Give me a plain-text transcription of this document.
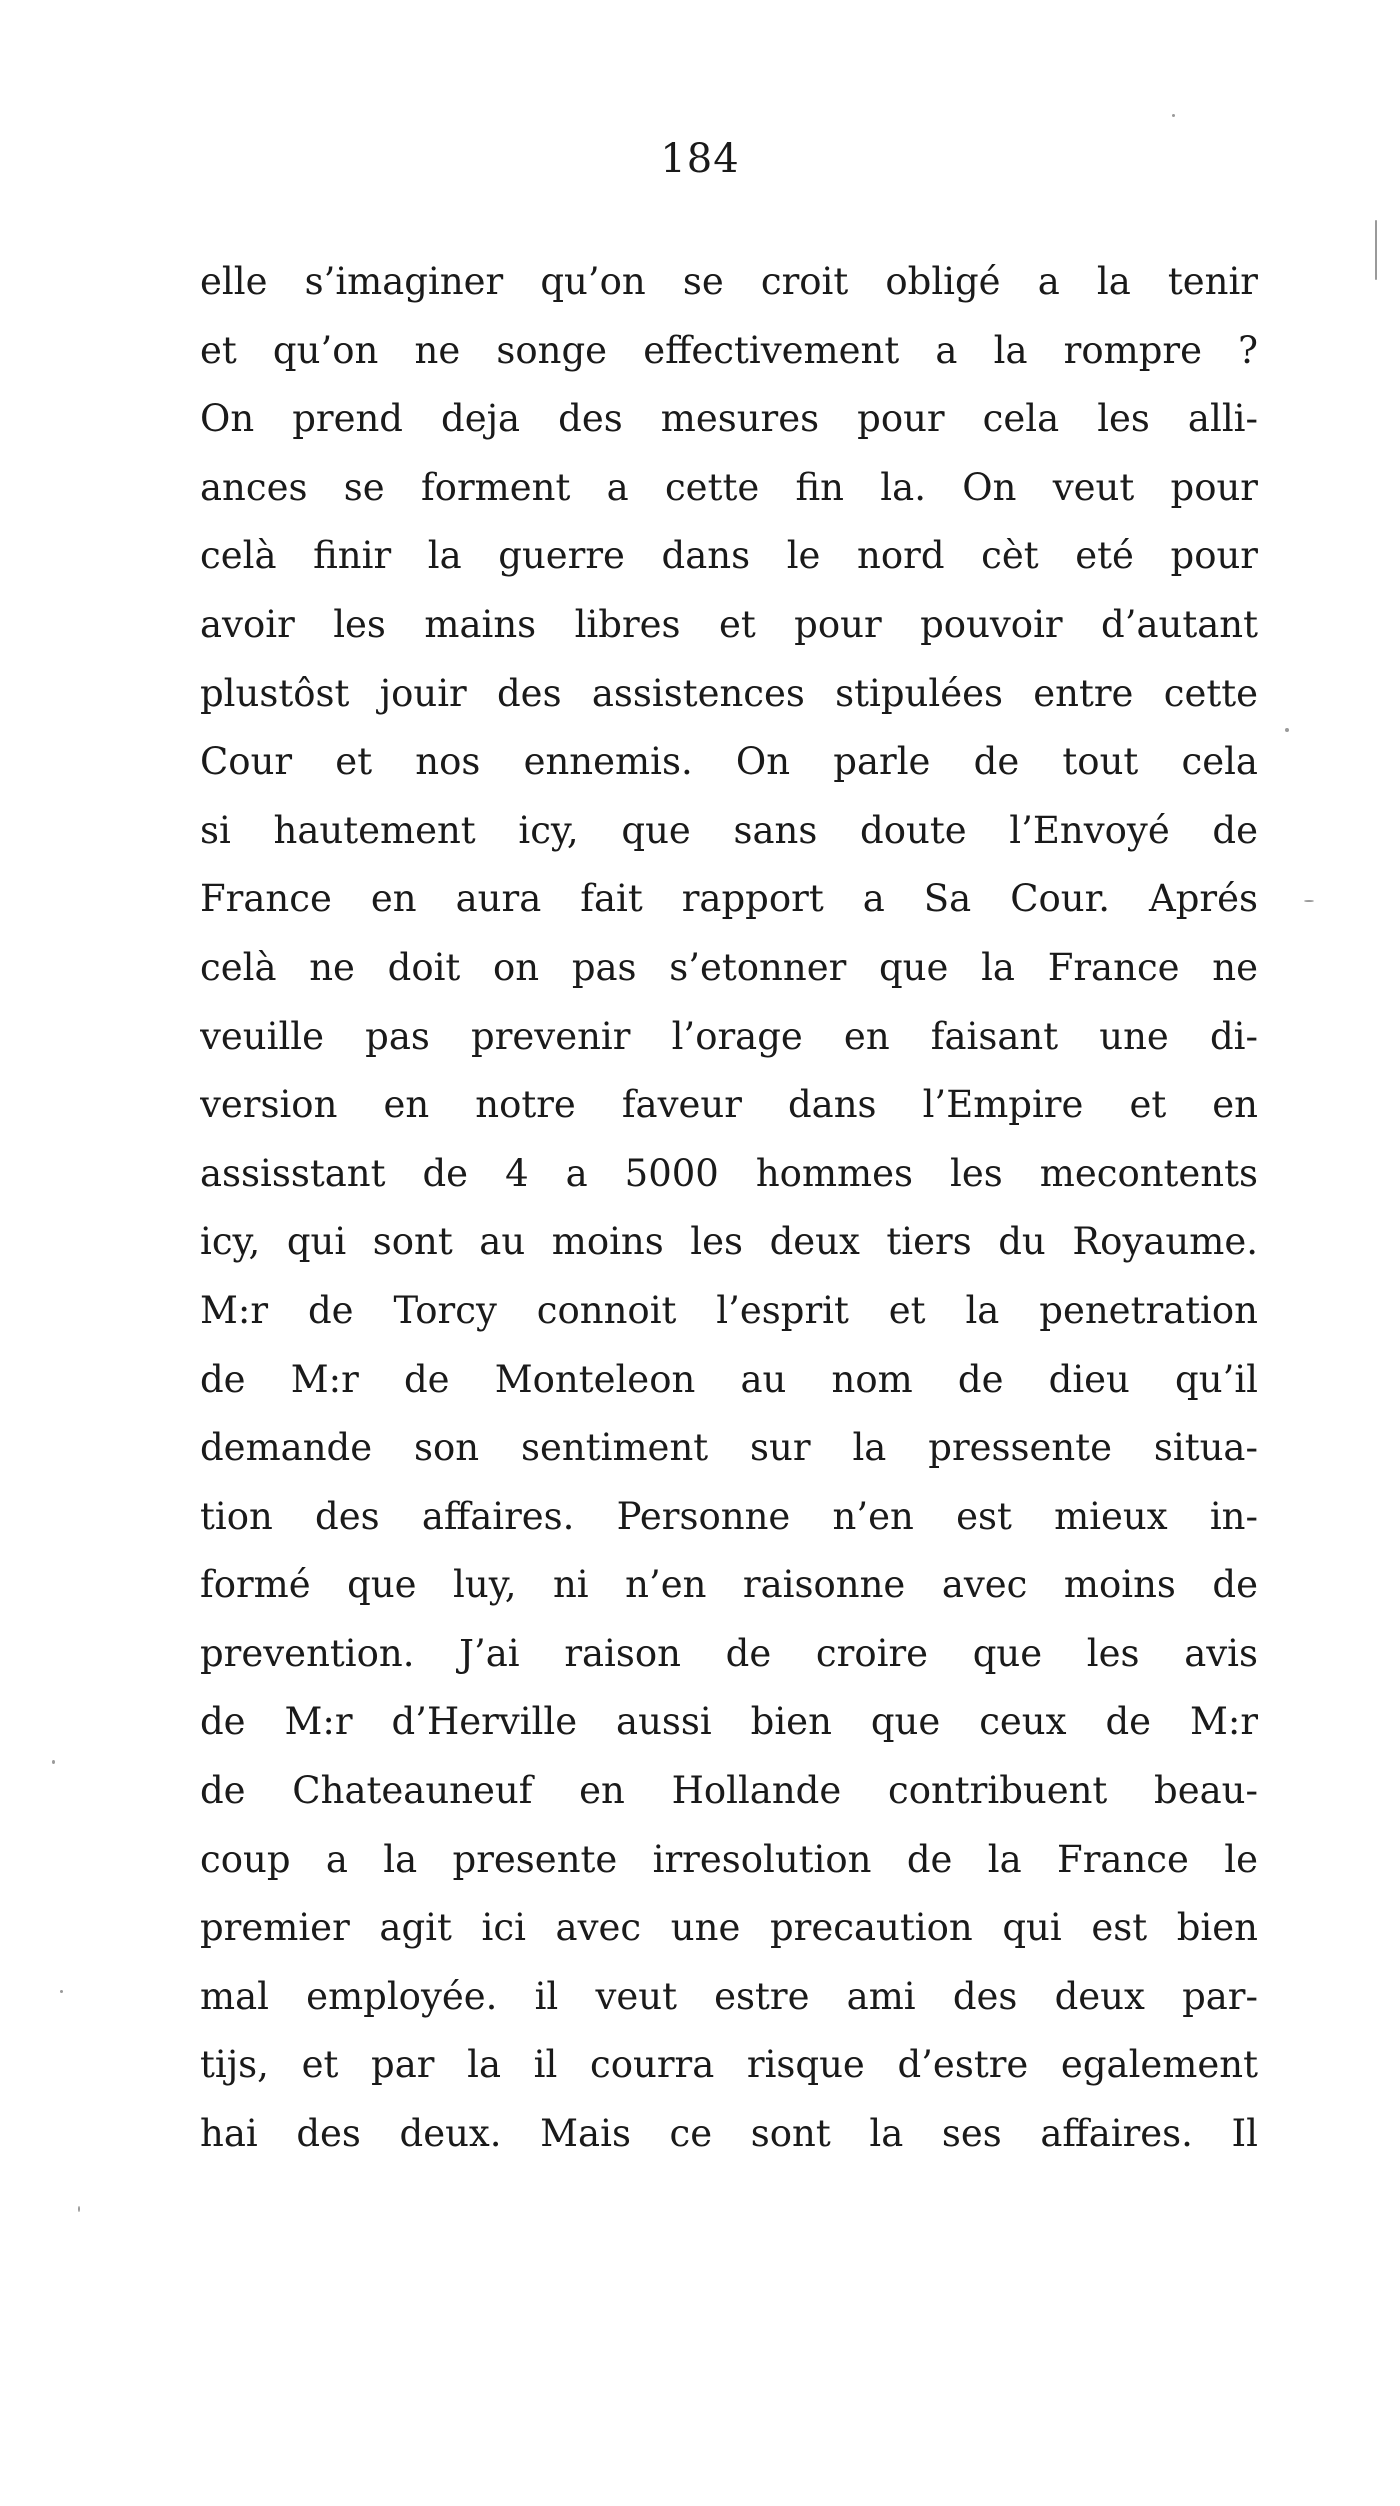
184
elle s’imaginer qu’on se croit obligé a la tenir
et qu’on ne songe effectivement a la rompre ?
On prend deja des mesures pour cela les alli-
ances se forment a cette fin la. On veut pour
celà finir la guerre dans le nord cèt eté pour
avoir les mains libres et pour pouvoir d’autant
plustôst jouir des assistences stipulées entre cette
Cour et nos ennemis. On parle de tout cela
si hautement icy, que sans doute l’Envoyé de
France en aura fait rapport a Sa Cour. Aprés
celà ne doit on pas s’etonner que la France ne
veuille pas prevenir l’orage en faisant une di-
version en notre faveur dans l’Empire et en
assisstant de 4 a 5000 hommes les mecontents
icy, qui sont au moins les deux tiers du Royaume.
M:r de Torcy connoit l’esprit et la penetration
de M:r de Monteleon au nom de dieu qu’il
demande son sentiment sur la pressente situa-
tion des affaires. Personne n’en est mieux in-
formé que luy, ni n’en raisonne avec moins de
prevention. J’ai raison de croire que les avis
de M:r d’Herville aussi bien que ceux de M:r
de Chateauneuf en Hollande contribuent beau-
coup a la presente irresolution de la France le
premier agit ici avec une precaution qui est bien
mal employée. il veut estre ami des deux par-
tijs, et par la il courra risque d’estre egalement
hai des deux. Mais ce sont la ses affaires. Il
